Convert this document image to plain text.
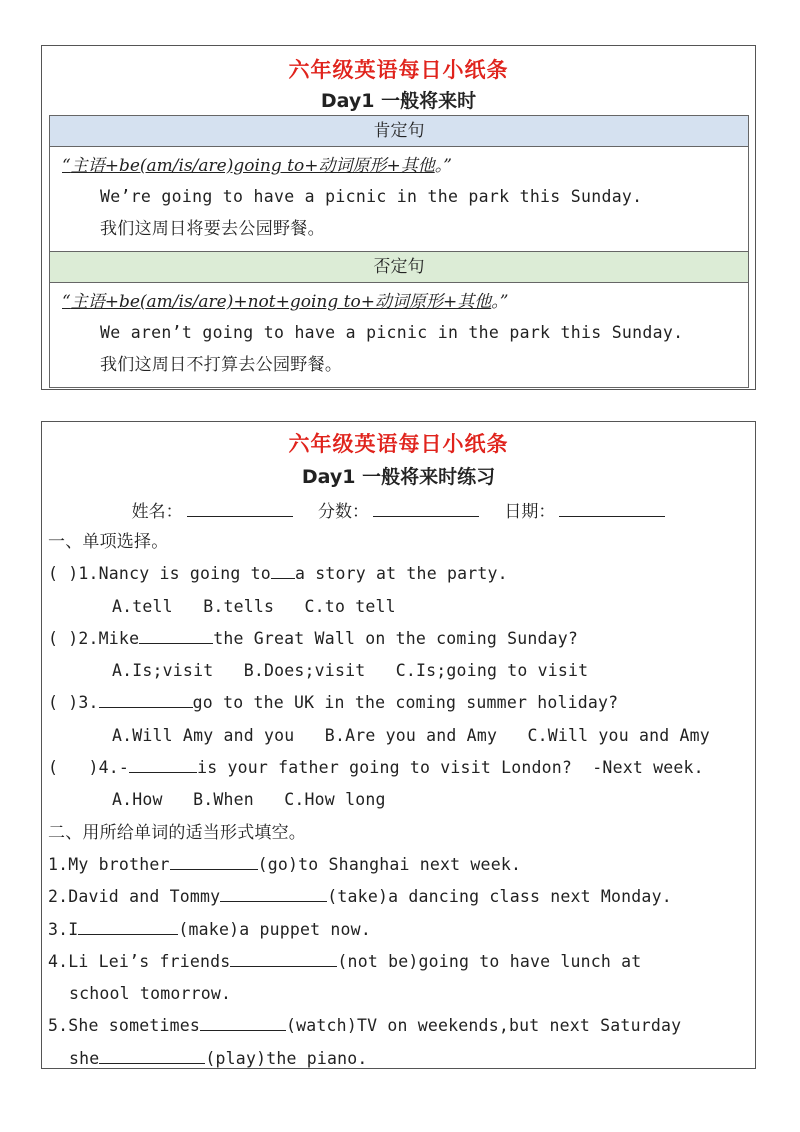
六年级英语每日小纸条
Day1 一般将来时
肯定句
“主语+be(am/is/are)going to+动词原形+其他。”
We’re going to have a picnic in the park this Sunday.
我们这周日将要去公园野餐。
否定句
“主语+be(am/is/are)+not+going to+动词原形+其他。”
We aren’t going to have a picnic in the park this Sunday.
我们这周日不打算去公园野餐。
六年级英语每日小纸条
Day1 一般将来时练习
姓名：	分数：	日期：
一、单项选择。
( )1.Nancy is going to a story at the party.
A.tell   B.tells   C.to tell
( )2.Mike	the Great Wall on the coming Sunday?
A.Is;visit   B.Does;visit   C.Is;going to visit
( )3.	go to the UK in the coming summer holiday?
A.Will Amy and you   B.Are you and Amy   C.Will you and Amy
(   )4.-	is your father going to visit London?  -Next week.
A.How   B.When   C.How long
二、用所给单词的适当形式填空。
1.My brother	(go)to Shanghai next week.
2.David and Tommy	(take)a dancing class next Monday.
3.I	(make)a puppet now.
4.Li Lei’s friends	(not be)going to have lunch at
school tomorrow.
5.She sometimes	(watch)TV on weekends,but next Saturday
she	(play)the piano.
